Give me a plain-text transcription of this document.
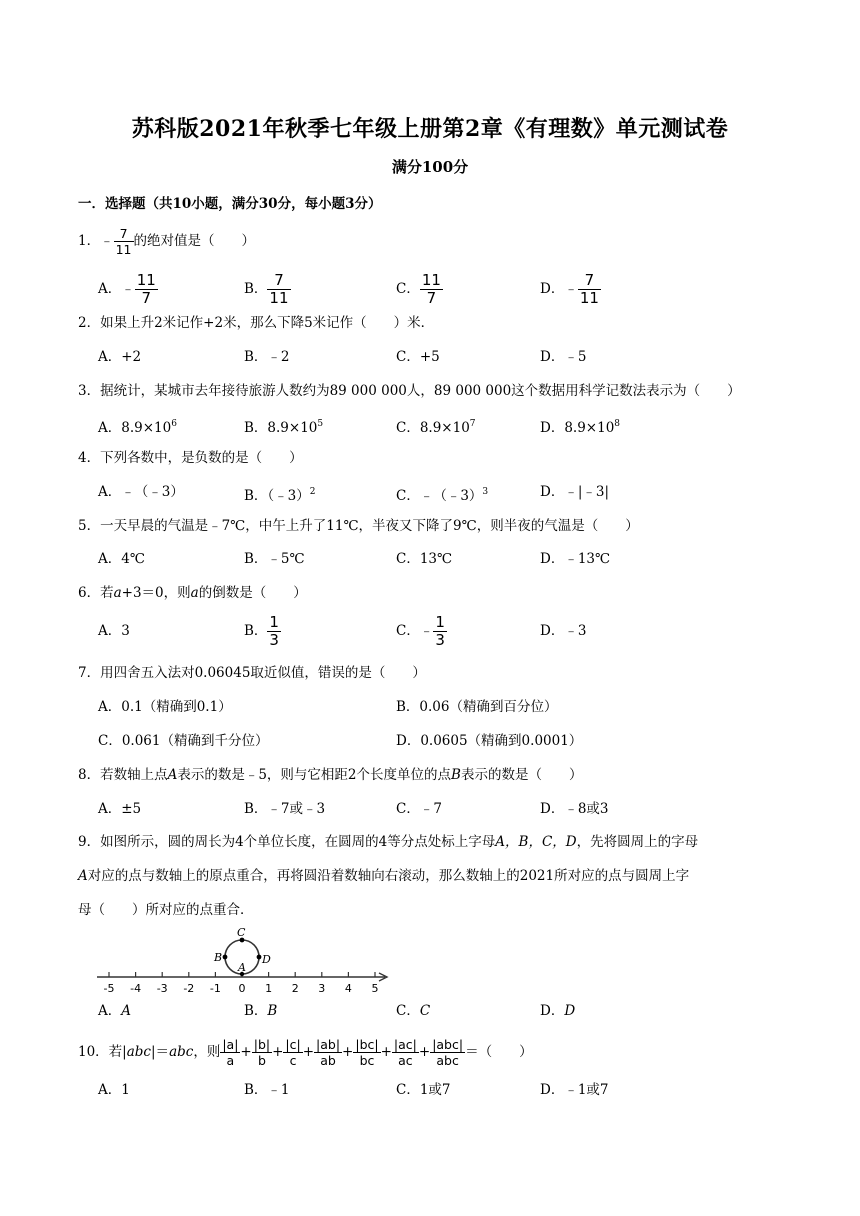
苏科版2021年秋季七年级上册第2章《有理数》单元测试卷
满分100分
一．选择题（共10小题，满分30分，每小题3分）
1．﹣ $\frac{7}{11}$ 的绝对值是（　　）
A．﹣ $\frac{11}{7}$	B． $\frac{7}{11}$	C． $\frac{11}{7}$	D．﹣ $\frac{7}{11}$
2．如果上升2米记作+2米，那么下降5米记作（　　）米．
A．+2	B．﹣2	C．+5	D．﹣5
3．据统计，某城市去年接待旅游人数约为89 000 000人，89 000 000这个数据用科学记数法表示为（　　）
A．$8.9\times 10^6$	B．$8.9\times 10^5$	C．$8.9\times 10^7$	D．$8.9\times 10^8$
4．下列各数中，是负数的是（　　）
A．﹣（﹣3）	B．（﹣3）$^2$	C．﹣（﹣3）$^3$	D．﹣|﹣3|
5．一天早晨的气温是﹣7℃，中午上升了11℃，半夜又下降了9℃，则半夜的气温是（　　）
A．4℃	B．﹣5℃	C．13℃	D．﹣13℃
6．若a+3＝0，则a的倒数是（　　）
A．3	B． $\frac{1}{3}$	C．﹣ $\frac{1}{3}$	D．﹣3
7．用四舍五入法对0.06045取近似值，错误的是（　　）
A．0.1（精确到0.1）	B．0.06（精确到百分位）
C．0.061（精确到千分位）	D．0.0605（精确到0.0001）
8．若数轴上点A表示的数是﹣5，则与它相距2个长度单位的点B表示的数是（　　）
A．±5	B．﹣7或﹣3	C．﹣7	D．﹣8或3
9．如图所示，圆的周长为4个单位长度，在圆周的4等分点处标上字母A，B，C，D，先将圆周上的字母
A对应的点与数轴上的原点重合，再将圆沿着数轴向右滚动，那么数轴上的2021所对应的点与圆周上字
母（　　）所对应的点重合．
-5 -4 -3 -2 -1 0 1 2 3 4 5
C
B	D
A
A．A	B．B	C．C	D．D
10．若|abc|＝abc，则 $\frac{|a|}{a} + \frac{|b|}{b} + \frac{|c|}{c} + \frac{|ab|}{ab} + \frac{|bc|}{bc} + \frac{|ac|}{ac} + \frac{\text{|abc|}}{\text{abc}}$ ＝（　　）
A．1	B．﹣1	C．1或7	D．﹣1或7
